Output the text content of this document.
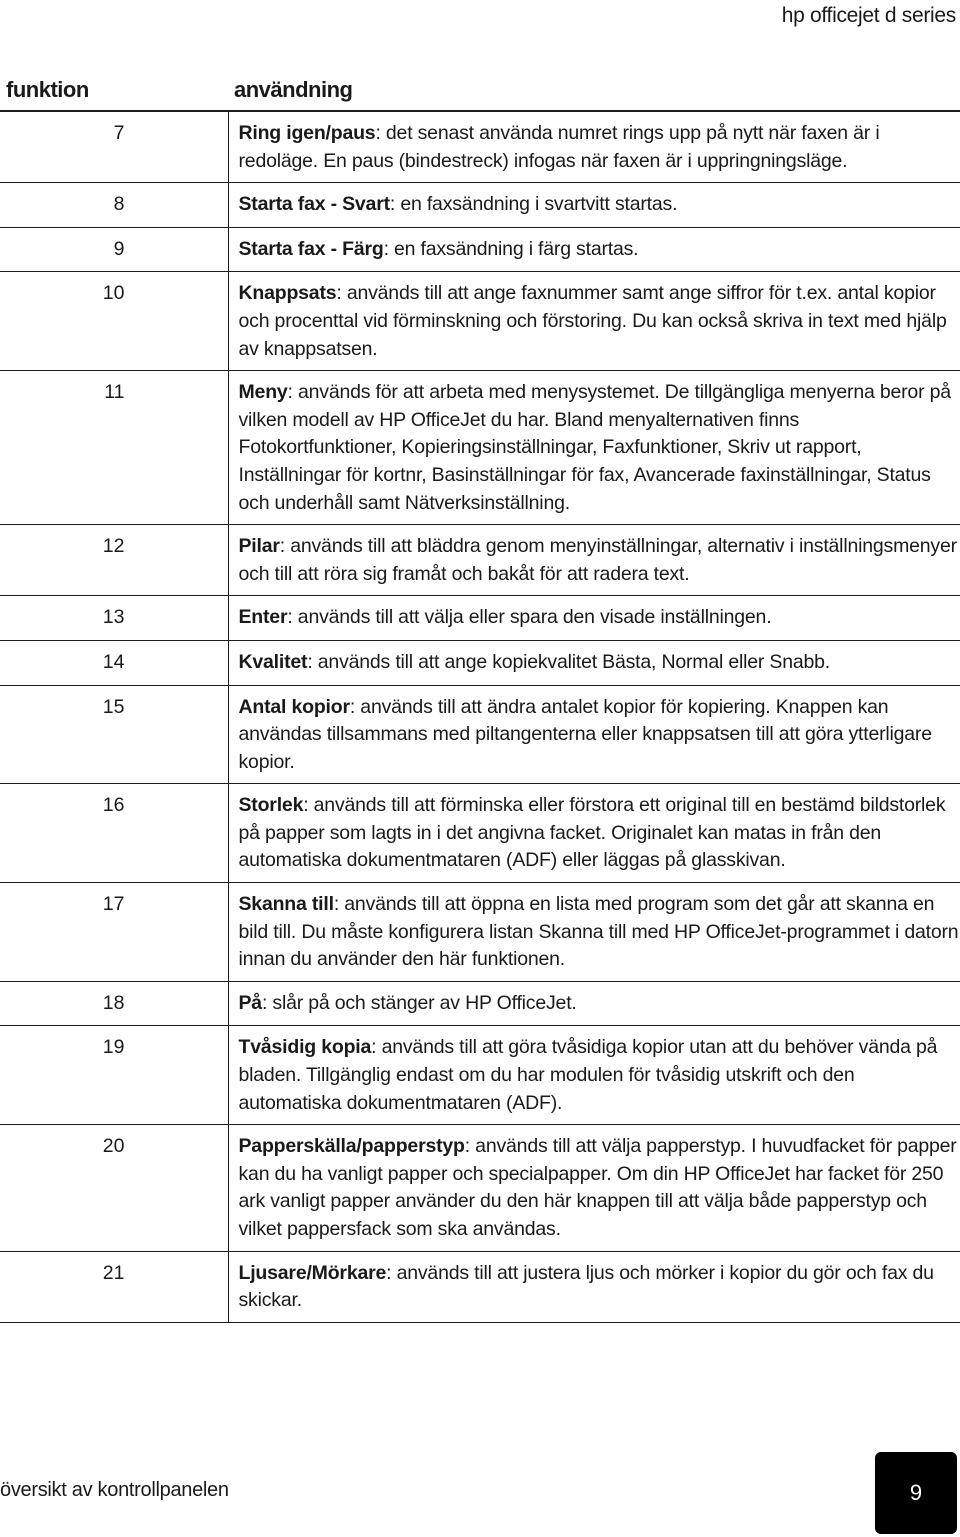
hp officejet d series
funktion	användning
7	Ring igen/paus: det senast använda numret rings upp på nytt när faxen är i redoläge. En paus (bindestreck) infogas när faxen är i uppringningsläge.
8	Starta fax - Svart: en faxsändning i svartvitt startas.
9	Starta fax - Färg: en faxsändning i färg startas.
10	Knappsats: används till att ange faxnummer samt ange siffror för t.ex. antal kopior och procenttal vid förminskning och förstoring. Du kan också skriva in text med hjälp av knappsatsen.
11	Meny: används för att arbeta med menysystemet. De tillgängliga menyerna beror på vilken modell av HP OfficeJet du har. Bland menyalternativen finns Fotokortfunktioner, Kopieringsinställningar, Faxfunktioner, Skriv ut rapport, Inställningar för kortnr, Basinställningar för fax, Avancerade faxinställningar, Status och underhåll samt Nätverksinställning.
12	Pilar: används till att bläddra genom menyinställningar, alternativ i inställningsmenyer och till att röra sig framåt och bakåt för att radera text.
13	Enter: används till att välja eller spara den visade inställningen.
14	Kvalitet: används till att ange kopiekvalitet Bästa, Normal eller Snabb.
15	Antal kopior: används till att ändra antalet kopior för kopiering. Knappen kan användas tillsammans med piltangenterna eller knappsatsen till att göra ytterligare kopior.
16	Storlek: används till att förminska eller förstora ett original till en bestämd bildstorlek på papper som lagts in i det angivna facket. Originalet kan matas in från den automatiska dokumentmataren (ADF) eller läggas på glasskivan.
17	Skanna till: används till att öppna en lista med program som det går att skanna en bild till. Du måste konfigurera listan Skanna till med HP OfficeJet-programmet i datorn innan du använder den här funktionen.
18	På: slår på och stänger av HP OfficeJet.
19	Tvåsidig kopia: används till att göra tvåsidiga kopior utan att du behöver vända på bladen. Tillgänglig endast om du har modulen för tvåsidig utskrift och den automatiska dokumentmataren (ADF).
20	Papperskälla/papperstyp: används till att välja papperstyp. I huvudfacket för papper kan du ha vanligt papper och specialpapper. Om din HP OfficeJet har facket för 250 ark vanligt papper använder du den här knappen till att välja både papperstyp och vilket pappersfack som ska användas.
21	Ljusare/Mörkare: används till att justera ljus och mörker i kopior du gör och fax du skickar.
översikt av kontrollpanelen	9
